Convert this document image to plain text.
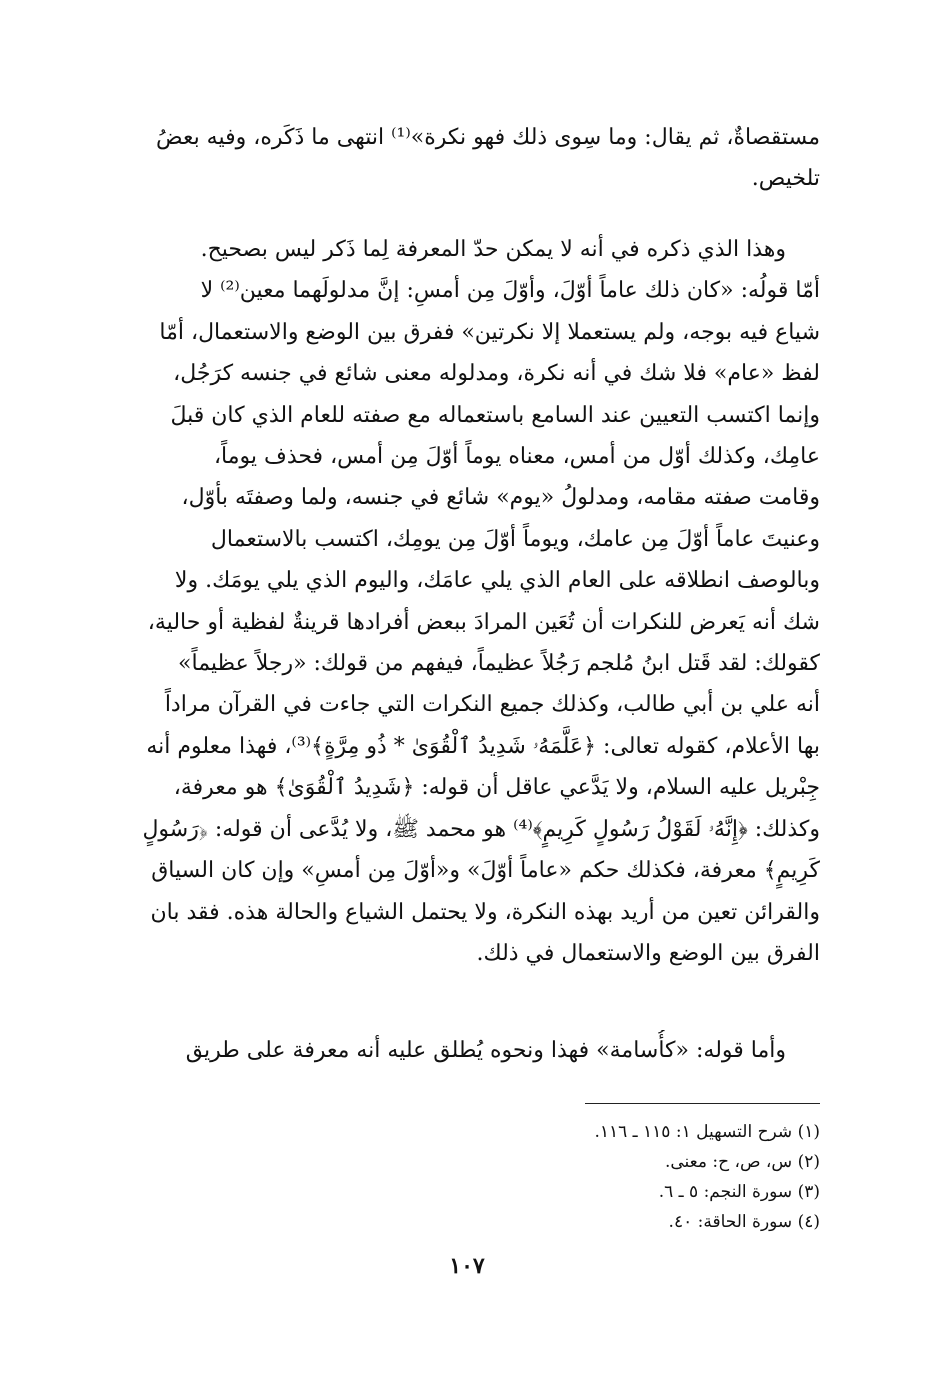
مستقصاةٌ، ثم يقال: وما سِوى ذلك فهو نكرة»⁽¹⁾ انتهى ما ذَكَره، وفيه بعضُ
تلخيص.
وهذا الذي ذكره في أنه لا يمكن حدّ المعرفة لِما ذَكر ليس بصحيح.
أمّا قولُه: «كان ذلك عاماً أوّلَ، وأوّلَ مِن أمسِ: إنَّ مدلولَهما معين⁽²⁾ لا
شياع فيه بوجه، ولم يستعملا إلا نكرتين» ففرق بين الوضع والاستعمال، أمّا
لفظ «عام» فلا شك في أنه نكرة، ومدلوله معنى شائع في جنسه كرَجُل،
وإنما اكتسب التعيين عند السامع باستعماله مع صفته للعام الذي كان قبلَ
عامِك، وكذلك أوّل من أمس، معناه يوماً أوّلَ مِن أمس، فحذف يوماً،
وقامت صفته مقامه، ومدلولُ «يوم» شائع في جنسه، ولما وصفتَه بأوّل،
وعنيتَ عاماً أوّلَ مِن عامك، ويوماً أوّلَ مِن يومِك، اكتسب بالاستعمال
وبالوصف انطلاقه على العام الذي يلي عامَك، واليوم الذي يلي يومَك. ولا
شك أنه يَعرض للنكرات أن تُعَين المرادَ ببعض أفرادها قرينةٌ لفظية أو حالية،
كقولك: لقد قَتل ابنُ مُلجم رَجُلاً عظيماً، فيفهم من قولك: «رجلاً عظيماً»
أنه علي بن أبي طالب، وكذلك جميع النكرات التي جاءت في القرآن مراداً
بها الأعلام، كقوله تعالى: ﴿عَلَّمَهُۥ شَدِيدُ ٱلْقُوَىٰ * ذُو مِرَّةٍ﴾⁽³⁾، فهذا معلوم أنه
جِبْريل عليه السلام، ولا يَدَّعي عاقل أن قوله: ﴿شَدِيدُ ٱلْقُوَىٰ﴾ هو معرفة،
وكذلك: ﴿إِنَّهُۥ لَقَوْلُ رَسُولٍ كَرِيمٍ﴾⁽⁴⁾ هو محمد ﷺ، ولا يُدَّعى أن قوله: ﴿رَسُولٍ
كَرِيمٍ﴾ معرفة، فكذلك حكم «عاماً أوّلَ» و«أوّلَ مِن أمسِ» وإن كان السياق
والقرائن تعين من أريد بهذه النكرة، ولا يحتمل الشياع والحالة هذه. فقد بان
الفرق بين الوضع والاستعمال في ذلك.
وأما قوله: «كأُسامة» فهذا ونحوه يُطلق عليه أنه معرفة على طريق
(١) شرح التسهيل ١: ١١٥ ـ ١١٦.
(٢) س، ص، ح: معنى.
(٣) سورة النجم: ٥ ـ ٦.
(٤) سورة الحاقة: ٤٠.
١٠٧
